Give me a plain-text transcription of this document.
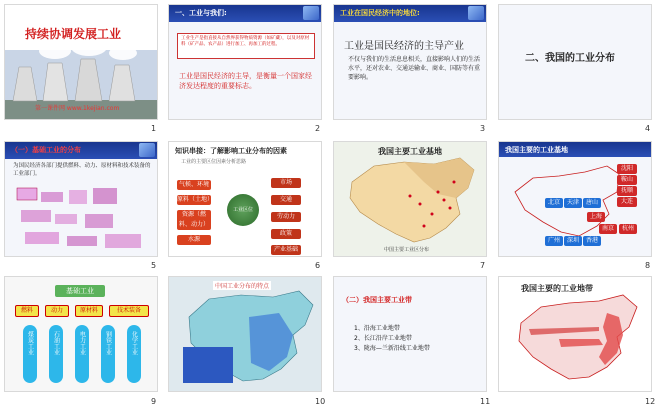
持续协调发展工业
第一课件网 www.1kejian.com
1
一、工业与我们:
工业生产是指直接从自然界获得物质资源（如矿藏），以及对原材料（矿产品、农产品）进行加工、再加工的过程。
工业是国民经济的主导，是衡量一个国家经济发达程度的重要标志。
2
工业在国民经济中的地位:
工业是国民经济的主导产业
不仅与我们的生活息息相关，直接影响人们的生活水平，还对农业、交通运输业、商业、国防等有重要影响。
3
二、我国的工业分布
4
（一）基础工业的分布
为国民经济各部门提供燃料、动力、原材料和技术装备的工业部门。
5
知识串接：了解影响工业分布的因素
工业的主要区位因素分析思路
气候、环境
原料（土地）
资源（燃料、动力）
水源
工业区位
市场
交通
劳动力
政策
产业基础
6
我国主要工业基地
中国主要工业区分布
7
我国主要的工业基地
沈阳
鞍山
抚顺
大连
北京	天津	唐山
上海
南京	杭州
广州	深圳	香港
8
基础工业
燃料	动力	原材料	技术装备
煤炭工业	石油工业	电力工业	钢铁工业	化学工业
9
中国工业分布的特点
10
（二）我国主要工业带
1、沿海工业地带
2、长江沿岸工业地带
3、陇海—兰新沿线工业地带
11
我国主要的工业地带
12
